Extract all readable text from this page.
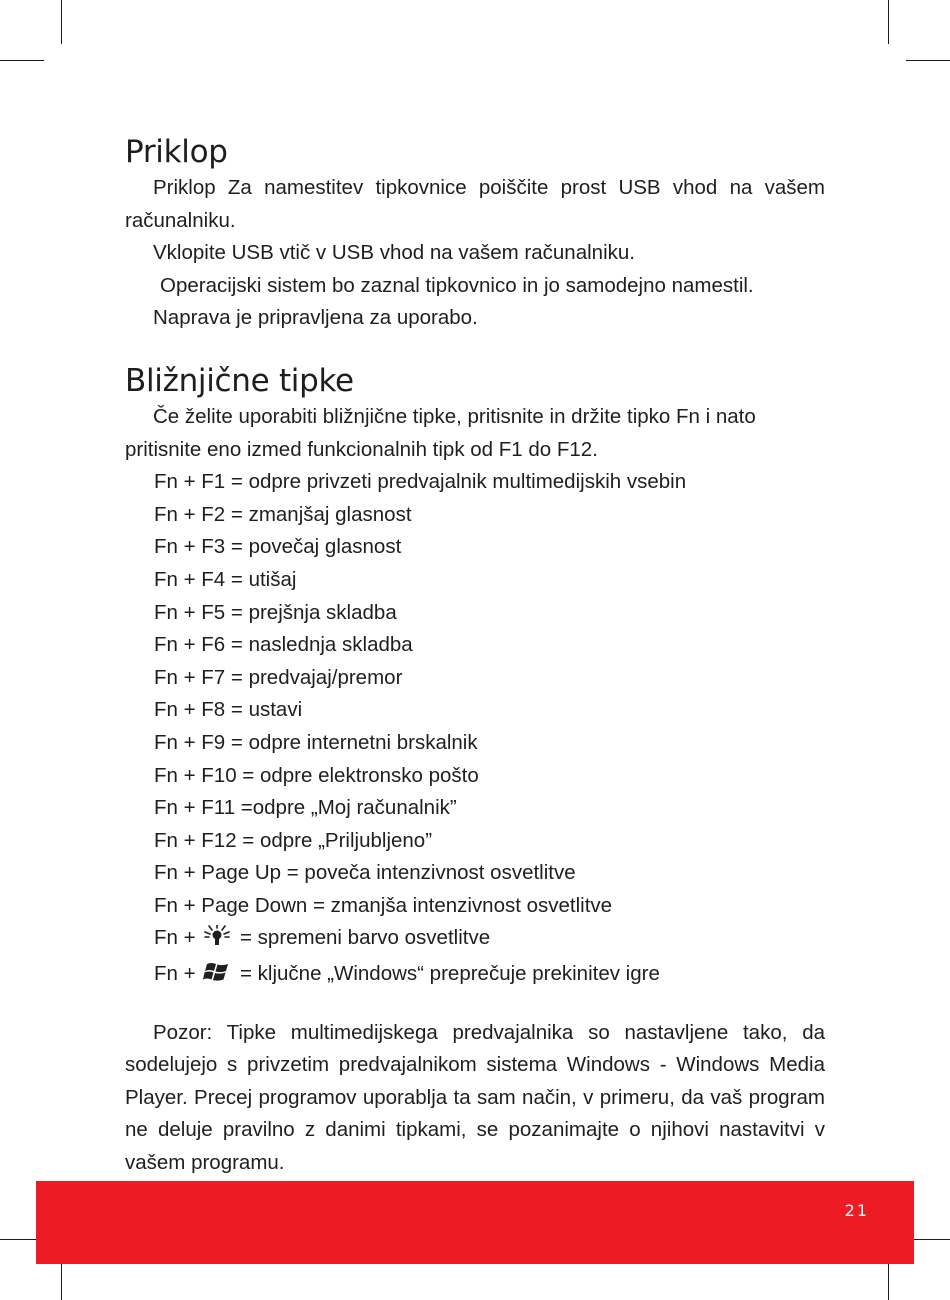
Priklop

Priklop Za namestitev tipkovnice poiščite prost USB vhod na vašem računalniku.

Vklopite USB vtič v USB vhod na vašem računalniku.

Operacijski sistem bo zaznal tipkovnico in jo samodejno namestil.

Naprava je pripravljena za uporabo.

Bližnjične tipke

Če želite uporabiti bližnjične tipke, pritisnite in držite tipko Fn i nato pritisnite eno izmed funkcionalnih tipk od F1 do F12.

Fn + F1 = odpre privzeti predvajalnik multimedijskih vsebin

Fn + F2 = zmanjšaj glasnost

Fn + F3 = povečaj glasnost

Fn + F4 = utišaj

Fn + F5 = prejšnja skladba

Fn + F6 = naslednja skladba

Fn + F7 = predvajaj/premor

Fn + F8 = ustavi

Fn + F9 = odpre internetni brskalnik

Fn + F10 = odpre elektronsko pošto

Fn + F11 =odpre „Moj računalnik”

Fn + F12 = odpre „Priljubljeno”

Fn + Page Up = poveča intenzivnost osvetlitve

Fn + Page Down = zmanjša intenzivnost osvetlitve

Fn + = spremeni barvo osvetlitve

Fn + = ključne „Windows“ preprečuje prekinitev igre

Pozor: Tipke multimedijskega predvajalnika so nastavljene tako, da sodelujejo s privzetim predvajalnikom sistema Windows - Windows Media Player. Precej programov uporablja ta sam način, v primeru, da vaš program ne deluje pravilno z danimi tipkami, se pozanimajte o njihovi nastavitvi v vašem programu.

21
